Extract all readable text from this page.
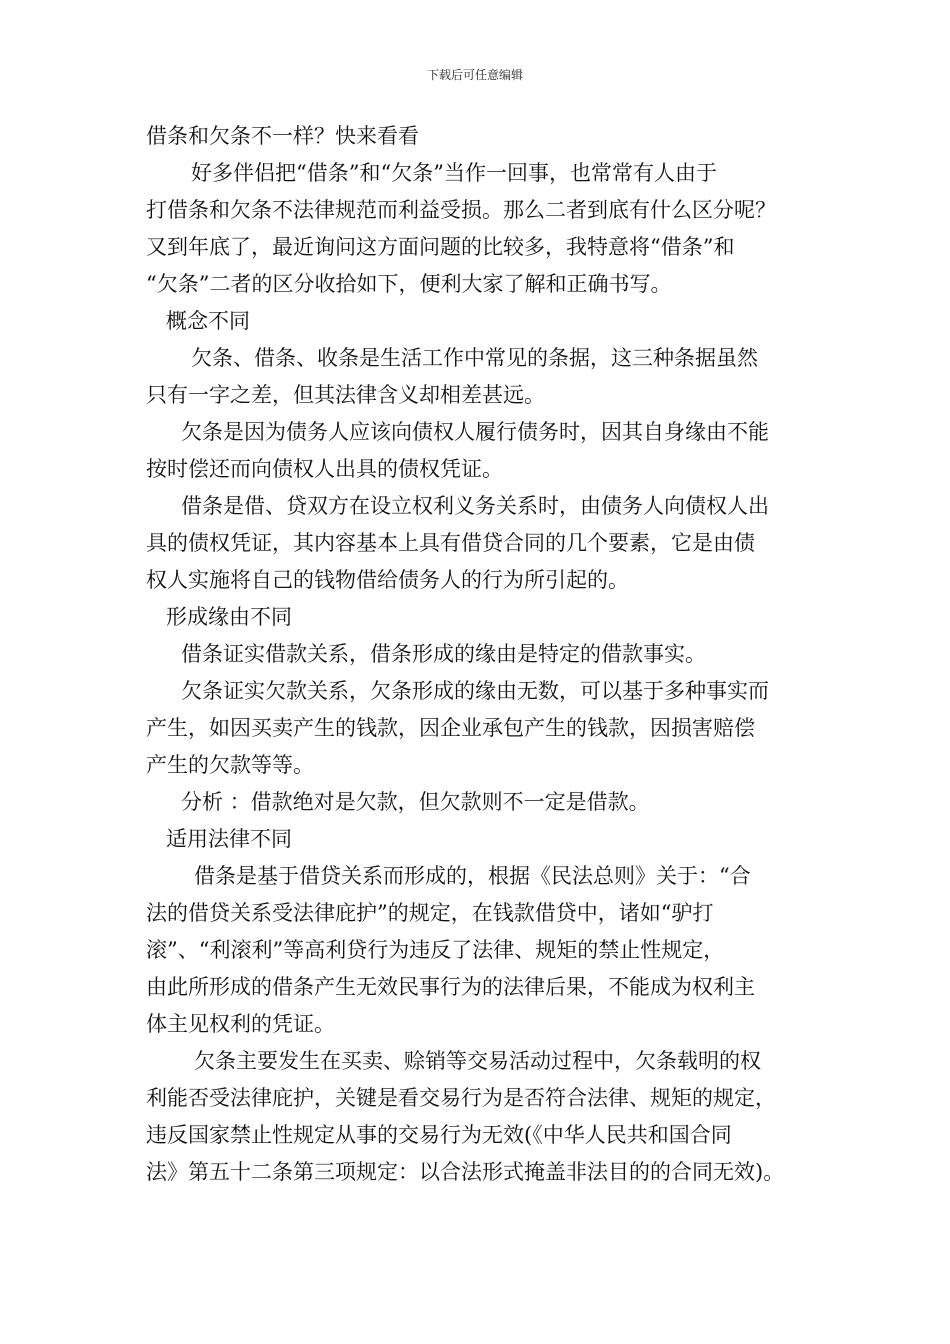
下载后可任意编辑

借条和欠条不一样？快来看看

好多伴侣把“借条”和“欠条”当作一回事，也常常有人由于

打借条和欠条不法律规范而利益受损。那么二者到底有什么区分呢？

又到年底了，最近询问这方面问题的比较多，我特意将“借条”和

“欠条”二者的区分收拾如下，便利大家了解和正确书写。

概念不同

欠条、借条、收条是生活工作中常见的条据，这三种条据虽然

只有一字之差，但其法律含义却相差甚远。

欠条是因为债务人应该向债权人履行债务时，因其自身缘由不能

按时偿还而向债权人出具的债权凭证。

借条是借、贷双方在设立权利义务关系时，由债务人向债权人出

具的债权凭证，其内容基本上具有借贷合同的几个要素，它是由债

权人实施将自己的钱物借给债务人的行为所引起的。

形成缘由不同

借条证实借款关系，借条形成的缘由是特定的借款事实。

欠条证实欠款关系，欠条形成的缘由无数，可以基于多种事实而

产生，如因买卖产生的钱款，因企业承包产生的钱款，因损害赔偿

产生的欠款等等。

分析 ：借款绝对是欠款，但欠款则不一定是借款。

适用法律不同

借条是基于借贷关系而形成的，根据《民法总则》关于：“合

法的借贷关系受法律庇护”的规定，在钱款借贷中，诸如“驴打

滚”、“利滚利”等高利贷行为违反了法律、规矩的禁止性规定，

由此所形成的借条产生无效民事行为的法律后果，不能成为权利主

体主见权利的凭证。

欠条主要发生在买卖、赊销等交易活动过程中，欠条载明的权

利能否受法律庇护，关键是看交易行为是否符合法律、规矩的规定，

违反国家禁止性规定从事的交易行为无效(《中华人民共和国合同

法》第五十二条第三项规定：以合法形式掩盖非法目的的合同无效)。
